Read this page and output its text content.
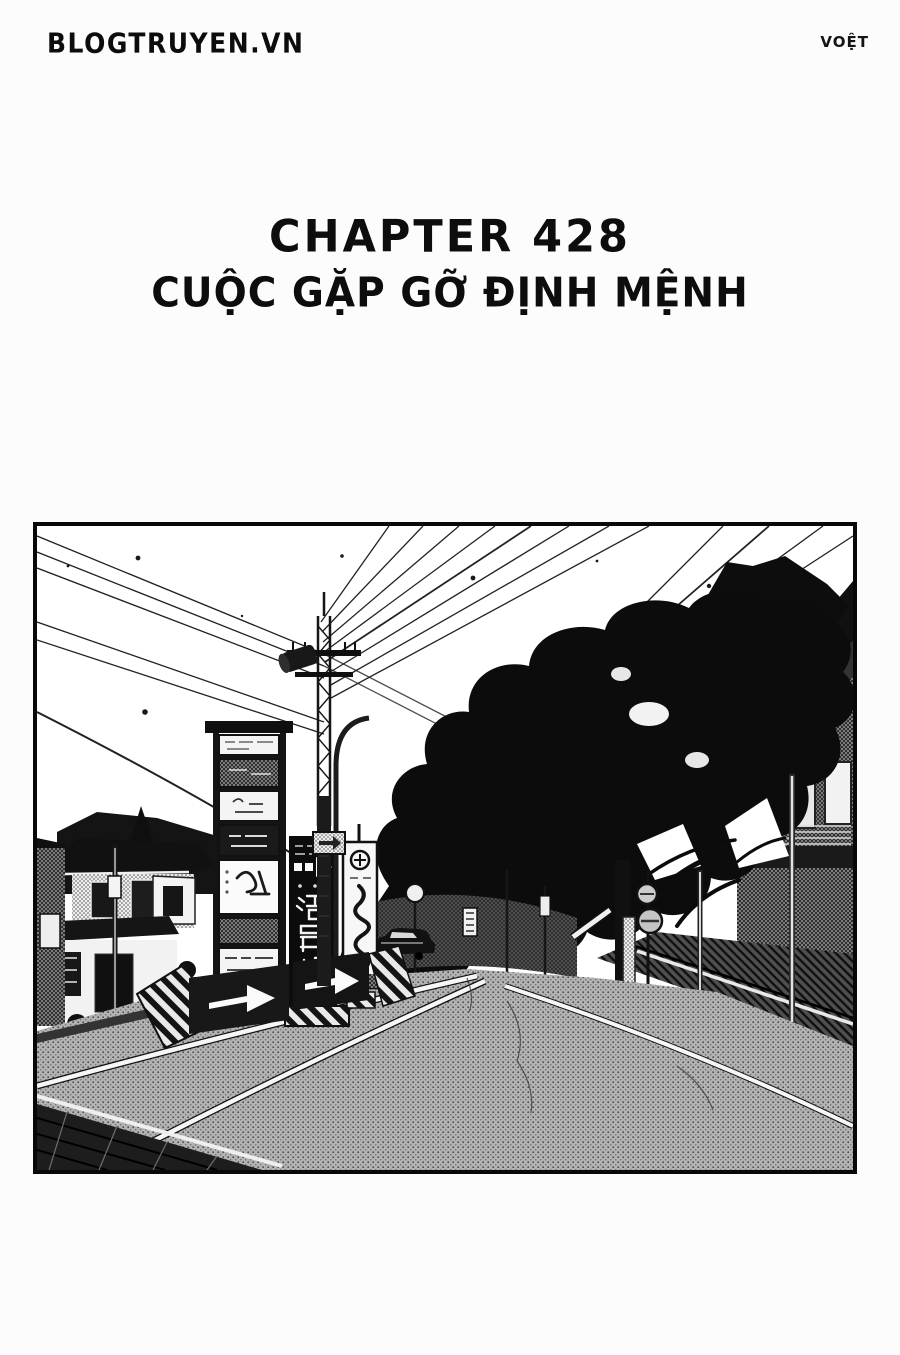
BLOGTRUYEN.VN	VOỆT
CHAPTER 428
CUỘC GẶP GỠ ĐỊNH MỆNH
